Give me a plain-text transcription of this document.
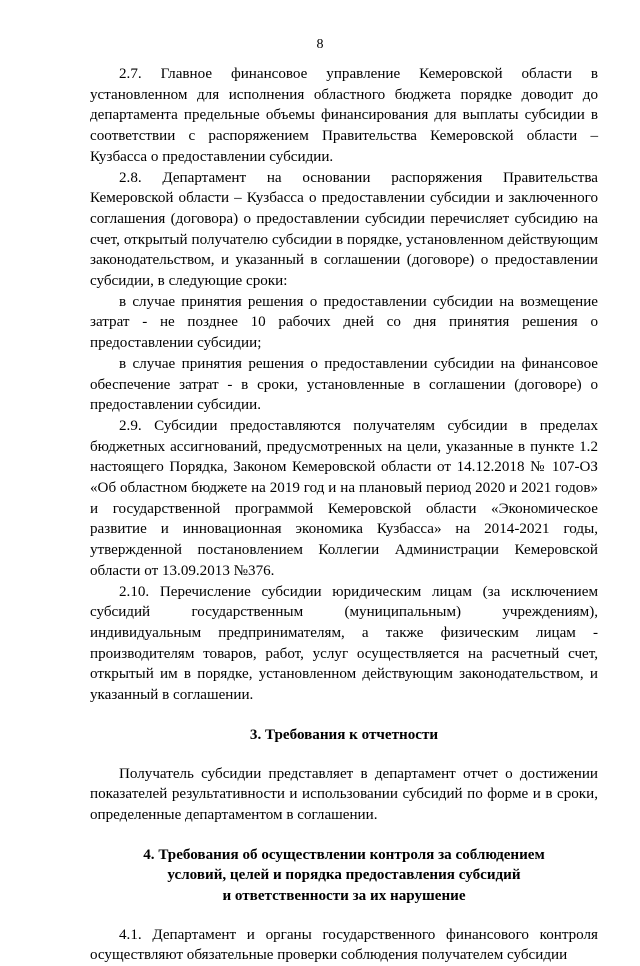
8

2.7. Главное финансовое управление Кемеровской области в установленном для исполнения областного бюджета порядке доводит до департамента предельные объемы финансирования для выплаты субсидии в соответствии с распоряжением Правительства Кемеровской области – Кузбасса о предоставлении субсидии.

2.8. Департамент на основании распоряжения Правительства Кемеровской области – Кузбасса о предоставлении субсидии и заключенного соглашения (договора) о предоставлении субсидии перечисляет субсидию на счет, открытый получателю субсидии в порядке, установленном действующим законодательством, и указанный в соглашении (договоре) о предоставлении субсидии, в следующие сроки:

в случае принятия решения о предоставлении субсидии на возмещение затрат - не позднее 10 рабочих дней со дня принятия решения о предоставлении субсидии;

в случае принятия решения о предоставлении субсидии на финансовое обеспечение затрат - в сроки, установленные в соглашении (договоре) о предоставлении субсидии.

2.9. Субсидии предоставляются получателям субсидии в пределах бюджетных ассигнований, предусмотренных на цели, указанные в пункте 1.2 настоящего Порядка, Законом Кемеровской области от 14.12.2018 № 107-ОЗ «Об областном бюджете на 2019 год и на плановый период 2020 и 2021 годов» и государственной программой Кемеровской области «Экономическое развитие и инновационная экономика Кузбасса» на 2014-2021 годы, утвержденной постановлением Коллегии Администрации Кемеровской области от 13.09.2013 №376.

2.10. Перечисление субсидии юридическим лицам (за исключением субсидий государственным (муниципальным) учреждениям), индивидуальным предпринимателям, а также физическим лицам - производителям товаров, работ, услуг осуществляется на расчетный счет, открытый им в порядке, установленном действующим законодательством, и указанный в соглашении.

3. Требования к отчетности

Получатель субсидии представляет в департамент отчет о достижении показателей результативности и использовании субсидий по форме и в сроки, определенные департаментом в соглашении.

4. Требования об осуществлении контроля за соблюдением
условий, целей и порядка предоставления субсидий
и ответственности за их нарушение

4.1. Департамент и органы государственного финансового контроля осуществляют обязательные проверки соблюдения получателем субсидии
